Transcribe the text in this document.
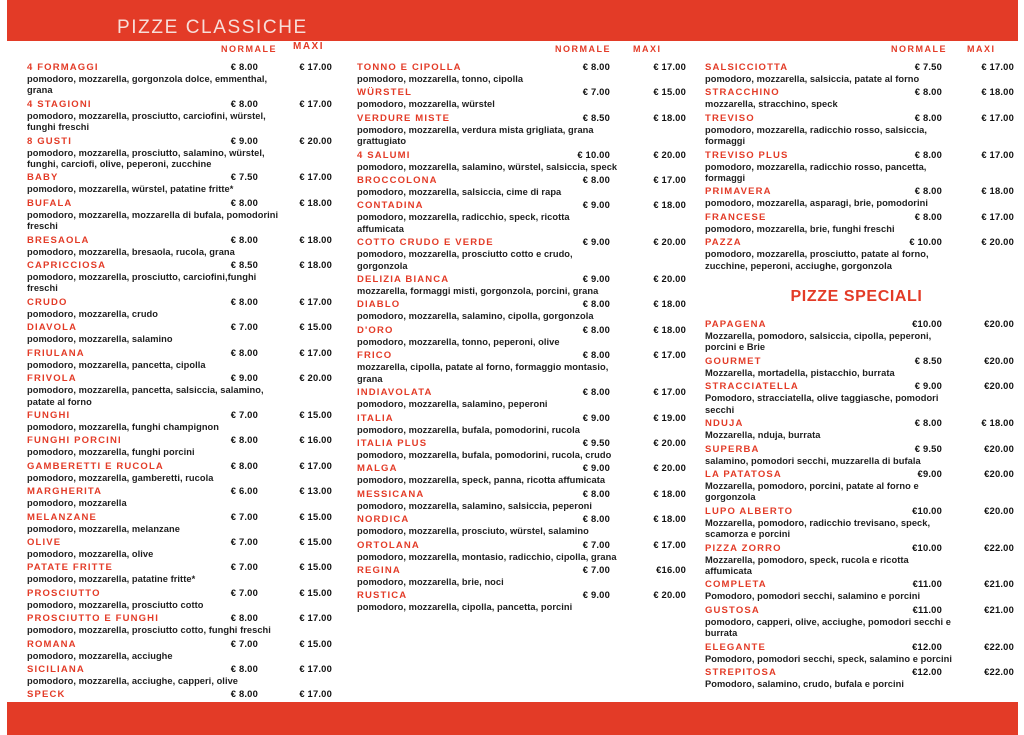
PIZZE CLASSICHE
NORMALE MAXI
4 FORMAGGI	€ 8.00	€ 17.00
pomodoro, mozzarella, gorgonzola dolce, emmenthal, grana
4 STAGIONI	€ 8.00	€ 17.00
pomodoro, mozzarella, prosciutto, carciofini, würstel, funghi freschi
8 GUSTI	€ 9.00	€ 20.00
pomodoro, mozzarella, prosciutto, salamino, würstel, funghi, carciofi, olive, peperoni, zucchine
BABY	€ 7.50	€ 17.00
pomodoro, mozzarella, würstel, patatine fritte*
BUFALA	€ 8.00	€ 18.00
pomodoro, mozzarella, mozzarella di bufala, pomodorini freschi
BRESAOLA	€ 8.00	€ 18.00
pomodoro, mozzarella, bresaola, rucola, grana
CAPRICCIOSA	€ 8.50	€ 18.00
pomodoro, mozzarella, prosciutto, carciofini,funghi freschi
CRUDO	€ 8.00	€ 17.00
pomodoro, mozzarella, crudo
DIAVOLA	€ 7.00	€ 15.00
pomodoro, mozzarella, salamino
FRIULANA	€ 8.00	€ 17.00
pomodoro, mozzarella, pancetta, cipolla
FRIVOLA	€ 9.00	€ 20.00
pomodoro, mozzarella, pancetta, salsiccia, salamino, patate al forno
FUNGHI	€ 7.00	€ 15.00
pomodoro, mozzarella, funghi champignon
FUNGHI PORCINI	€ 8.00	€ 16.00
pomodoro, mozzarella, funghi porcini
GAMBERETTI E RUCOLA	€ 8.00	€ 17.00
pomodoro, mozzarella, gamberetti, rucola
MARGHERITA	€ 6.00	€ 13.00
pomodoro, mozzarella
MELANZANE	€ 7.00	€ 15.00
pomodoro, mozzarella, melanzane
OLIVE	€ 7.00	€ 15.00
pomodoro, mozzarella, olive
PATATE FRITTE	€ 7.00	€ 15.00
pomodoro, mozzarella, patatine fritte*
PROSCIUTTO	€ 7.00	€ 15.00
pomodoro, mozzarella, prosciutto cotto
PROSCIUTTO E FUNGHI	€ 8.00	€ 17.00
pomodoro, mozzarella, prosciutto cotto, funghi freschi
ROMANA	€ 7.00	€ 15.00
pomodoro, mozzarella, acciughe
SICILIANA	€ 8.00	€ 17.00
pomodoro, mozzarella, acciughe, capperi, olive
SPECK	€ 8.00	€ 17.00
NORMALE MAXI
TONNO E CIPOLLA	€ 8.00	€ 17.00
pomodoro, mozzarella, tonno, cipolla
WÜRSTEL	€ 7.00	€ 15.00
pomodoro, mozzarella, würstel
VERDURE MISTE	€ 8.50	€ 18.00
pomodoro, mozzarella, verdura mista grigliata, grana grattugiato
4 SALUMI	€ 10.00	€ 20.00
pomodoro, mozzarella, salamino, würstel, salsiccia, speck
BROCCOLONA	€ 8.00	€ 17.00
pomodoro, mozzarella, salsiccia, cime di rapa
CONTADINA	€ 9.00	€ 18.00
pomodoro, mozzarella, radicchio, speck, ricotta affumicata
COTTO CRUDO E VERDE	€ 9.00	€ 20.00
pomodoro, mozzarella, prosciutto cotto e crudo, gorgonzola
DELIZIA BIANCA	€ 9.00	€ 20.00
mozzarella, formaggi misti, gorgonzola, porcini, grana
DIABLO	€ 8.00	€ 18.00
pomodoro, mozzarella, salamino, cipolla, gorgonzola
D'ORO	€ 8.00	€ 18.00
pomodoro, mozzarella, tonno, peperoni, olive
FRICO	€ 8.00	€ 17.00
mozzarella, cipolla, patate al forno, formaggio montasio, grana
INDIAVOLATA	€ 8.00	€ 17.00
pomodoro, mozzarella, salamino, peperoni
ITALIA	€ 9.00	€ 19.00
pomodoro, mozzarella, bufala, pomodorini, rucola
ITALIA PLUS	€ 9.50	€ 20.00
pomodoro, mozzarella, bufala, pomodorini, rucola, crudo
MALGA	€ 9.00	€ 20.00
pomodoro, mozzarella, speck, panna, ricotta affumicata
MESSICANA	€ 8.00	€ 18.00
pomodoro, mozzarella, salamino, salsiccia, peperoni
NORDICA	€ 8.00	€ 18.00
pomodoro, mozzarella, prosciuto, würstel, salamino
ORTOLANA	€ 7.00	€ 17.00
pomodoro, mozzarella, montasio, radicchio, cipolla, grana
REGINA	€ 7.00	€16.00
pomodoro, mozzarella, brie, noci
RUSTICA	€ 9.00	€ 20.00
pomodoro, mozzarella, cipolla, pancetta, porcini
NORMALE MAXI
SALSICCIOTTA	€ 7.50	€ 17.00
pomodoro, mozzarella, salsiccia, patate al forno
STRACCHINO	€ 8.00	€ 18.00
mozzarella, stracchino, speck
TREVISO	€ 8.00	€ 17.00
pomodoro, mozzarella, radicchio rosso, salsiccia, formaggi
TREVISO PLUS	€ 8.00	€ 17.00
pomodoro, mozzarella, radicchio rosso, pancetta, formaggi
PRIMAVERA	€ 8.00	€ 18.00
pomodoro, mozzarella, asparagi, brie, pomodorini
FRANCESE	€ 8.00	€ 17.00
pomodoro, mozzarella, brie, funghi freschi
PAZZA	€ 10.00	€ 20.00
pomodoro, mozzarella, prosciutto, patate al forno, zucchine, peperoni, acciughe, gorgonzola
PIZZE SPECIALI
PAPAGENA	€10.00	€20.00
Mozzarella, pomodoro, salsiccia, cipolla, peperoni, porcini e Brie
GOURMET	€ 8.50	€20.00
Mozzarella, mortadella, pistacchio, burrata
STRACCIATELLA	€ 9.00	€20.00
Pomodoro, stracciatella, olive taggiasche, pomodori secchi
NDUJA	€ 8.00	€ 18.00
Mozzarella, nduja, burrata
SUPERBA	€ 9.50	€20.00
salamino, pomodori secchi, muzzarella di bufala
LA PATATOSA	€9.00	€20.00
Mozzarella, pomodoro, porcini, patate al forno e gorgonzola
LUPO ALBERTO	€10.00	€20.00
Mozzarella, pomodoro, radicchio trevisano, speck, scamorza e porcini
PIZZA ZORRO	€10.00	€22.00
Mozzarella, pomodoro, speck, rucola e ricotta affumicata
COMPLETA	€11.00	€21.00
Pomodoro, pomodori secchi, salamino e porcini
GUSTOSA	€11.00	€21.00
pomodoro, capperi, olive, acciughe, pomodori secchi e burrata
ELEGANTE	€12.00	€22.00
Pomodoro, pomodori secchi, speck, salamino e porcini
STREPITOSA	€12.00	€22.00
Pomodoro, salamino, crudo, bufala e porcini
